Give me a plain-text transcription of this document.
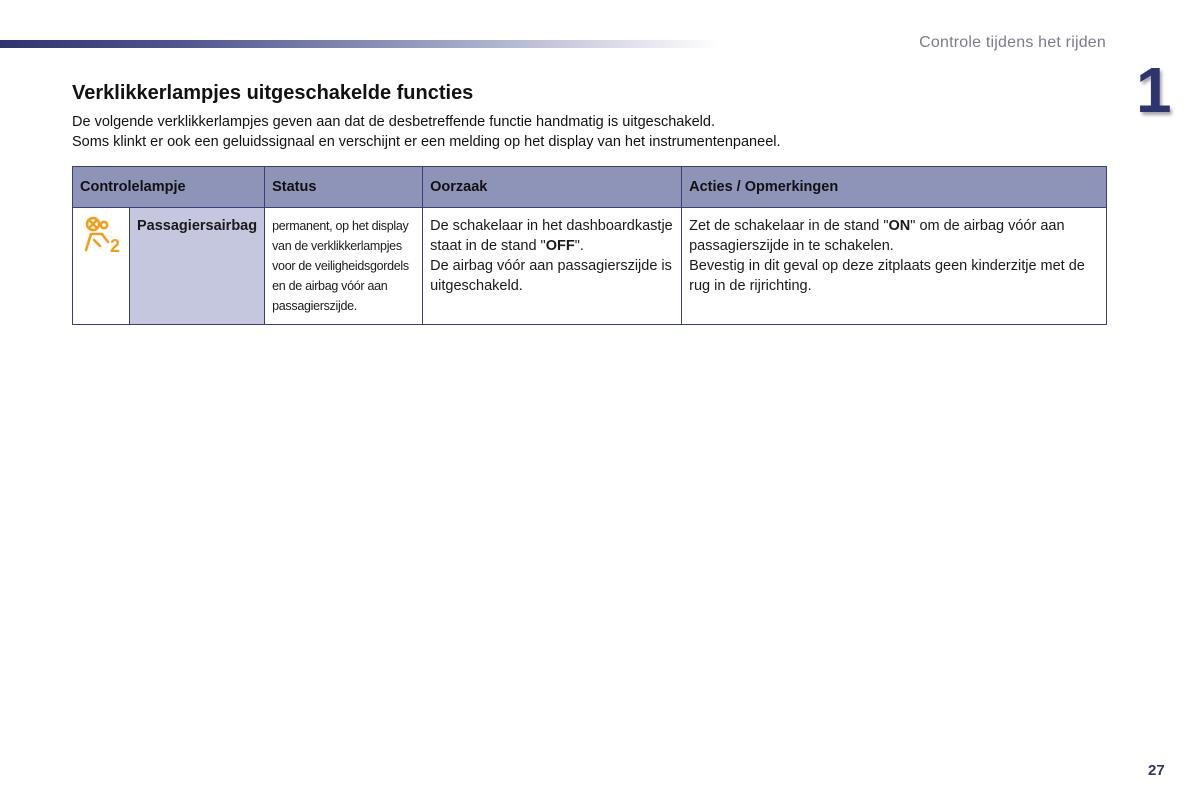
Controle tijdens het rijden
1
Verklikkerlampjes uitgeschakelde functies

De volgende verklikkerlampjes geven aan dat de desbetreffende functie handmatig is uitgeschakeld.

Soms klinkt er ook een geluidssignaal en verschijnt er een melding op het display van het instrumentenpaneel.

Controlelampje		Status	Oorzaak	Acties / Opmerkingen

2	Passagiersairbag	permanent, op het display van de verklikkerlampjes voor de veiligheidsgordels en de airbag vóór aan passagierszijde.	De schakelaar in het dashboardkastje staat in de stand "OFF".
De airbag vóór aan passagierszijde is uitgeschakeld.	Zet de schakelaar in de stand "ON" om de airbag vóór aan passagierszijde in te schakelen.
Bevestig in dit geval op deze zitplaats geen kinderzitje met de rug in de rijrichting.
27
